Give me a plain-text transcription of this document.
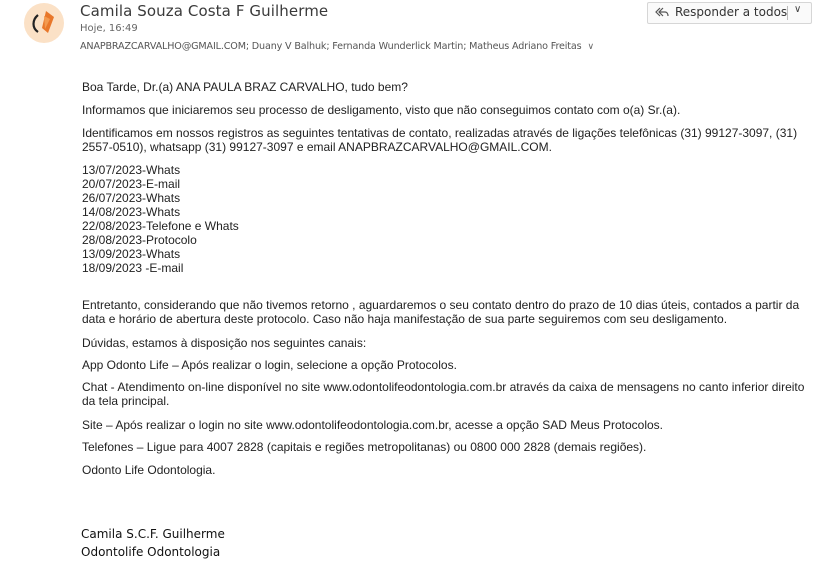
Camila Souza Costa F Guilherme
Hoje, 16:49
ANAPBRAZCARVALHO@GMAIL.COM; Duany V Balhuk; Fernanda Wunderlick Martin; Matheus Adriano Freitas ∨
Responder a todos ∨

Boa Tarde, Dr.(a) ANA PAULA BRAZ CARVALHO, tudo bem?

Informamos que iniciaremos seu processo de desligamento, visto que não conseguimos contato com o(a) Sr.(a).

Identificamos em nossos registros as seguintes tentativas de contato, realizadas através de ligações telefônicas (31) 99127-3097, (31) 2557-0510), whatsapp (31) 99127-3097 e email ANAPBRAZCARVALHO@GMAIL.COM.

13/07/2023-Whats
20/07/2023-E-mail
26/07/2023-Whats
14/08/2023-Whats
22/08/2023-Telefone e Whats
28/08/2023-Protocolo
13/09/2023-Whats
18/09/2023 -E-mail

Entretanto, considerando que não tivemos retorno , aguardaremos o seu contato dentro do prazo de 10 dias úteis, contados a partir da data e horário de abertura deste protocolo. Caso não haja manifestação de sua parte seguiremos com seu desligamento.

Dúvidas, estamos à disposição nos seguintes canais:

App Odonto Life – Após realizar o login, selecione a opção Protocolos.

Chat - Atendimento on-line disponível no site www.odontolifeodontologia.com.br através da caixa de mensagens no canto inferior direito da tela principal.

Site – Após realizar o login no site www.odontolifeodontologia.com.br, acesse a opção SAD Meus Protocolos.

Telefones – Ligue para 4007 2828 (capitais e regiões metropolitanas) ou 0800 000 2828 (demais regiões).

Odonto Life Odontologia.

Camila S.C.F. Guilherme
Odontolife Odontologia
